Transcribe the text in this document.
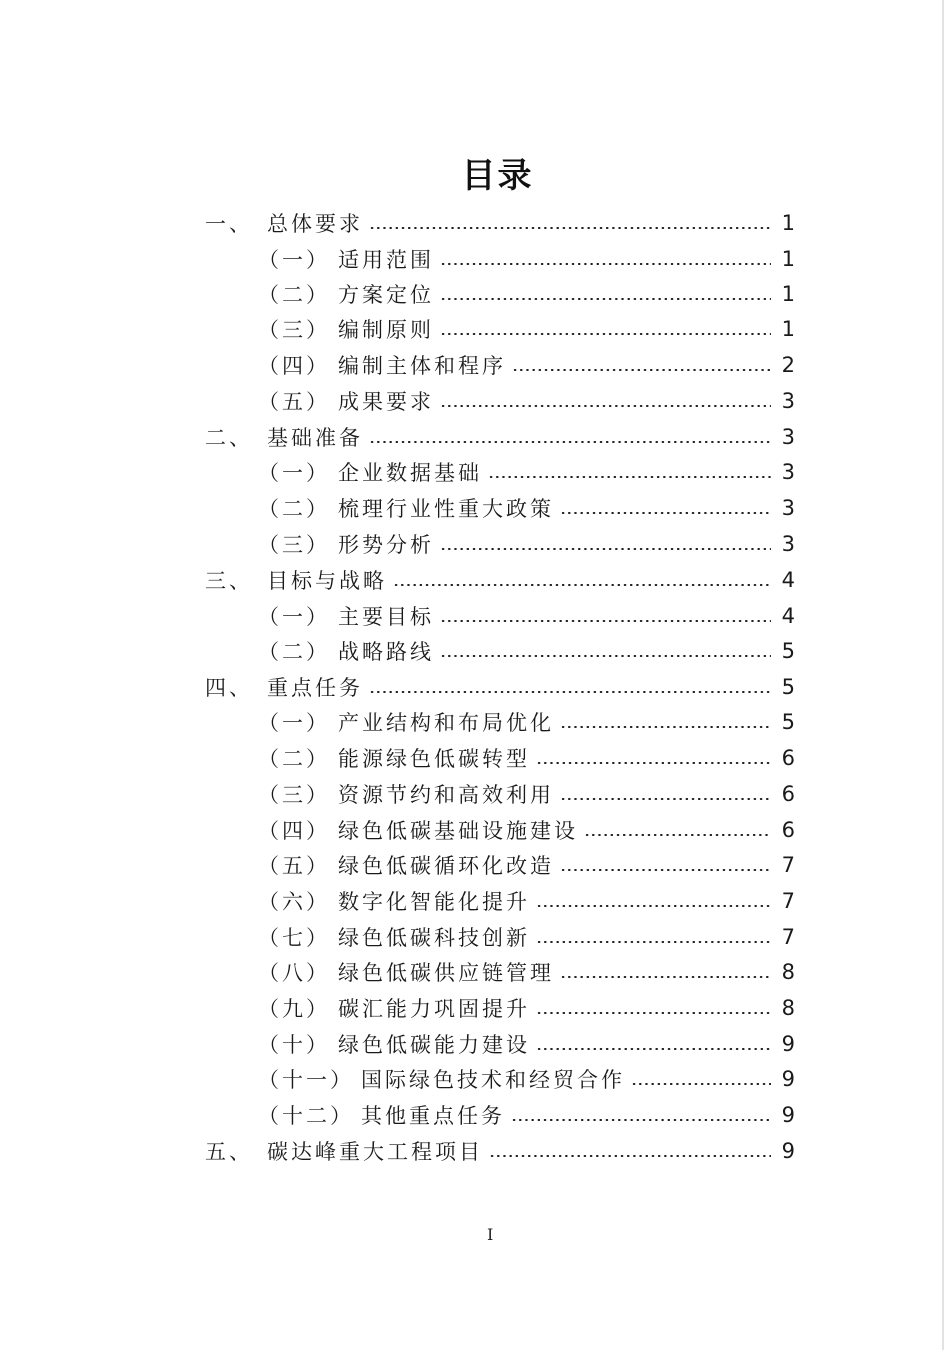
目录
一、 总体要求	1
（一） 适用范围	1
（二） 方案定位	1
（三） 编制原则	1
（四） 编制主体和程序	2
（五） 成果要求	3
二、 基础准备	3
（一） 企业数据基础	3
（二） 梳理行业性重大政策	3
（三） 形势分析	3
三、 目标与战略	4
（一） 主要目标	4
（二） 战略路线	5
四、 重点任务	5
（一） 产业结构和布局优化	5
（二） 能源绿色低碳转型	6
（三） 资源节约和高效利用	6
（四） 绿色低碳基础设施建设	6
（五） 绿色低碳循环化改造	7
（六） 数字化智能化提升	7
（七） 绿色低碳科技创新	7
（八） 绿色低碳供应链管理	8
（九） 碳汇能力巩固提升	8
（十） 绿色低碳能力建设	9
（十一） 国际绿色技术和经贸合作	9
（十二） 其他重点任务	9
五、 碳达峰重大工程项目	9
I
